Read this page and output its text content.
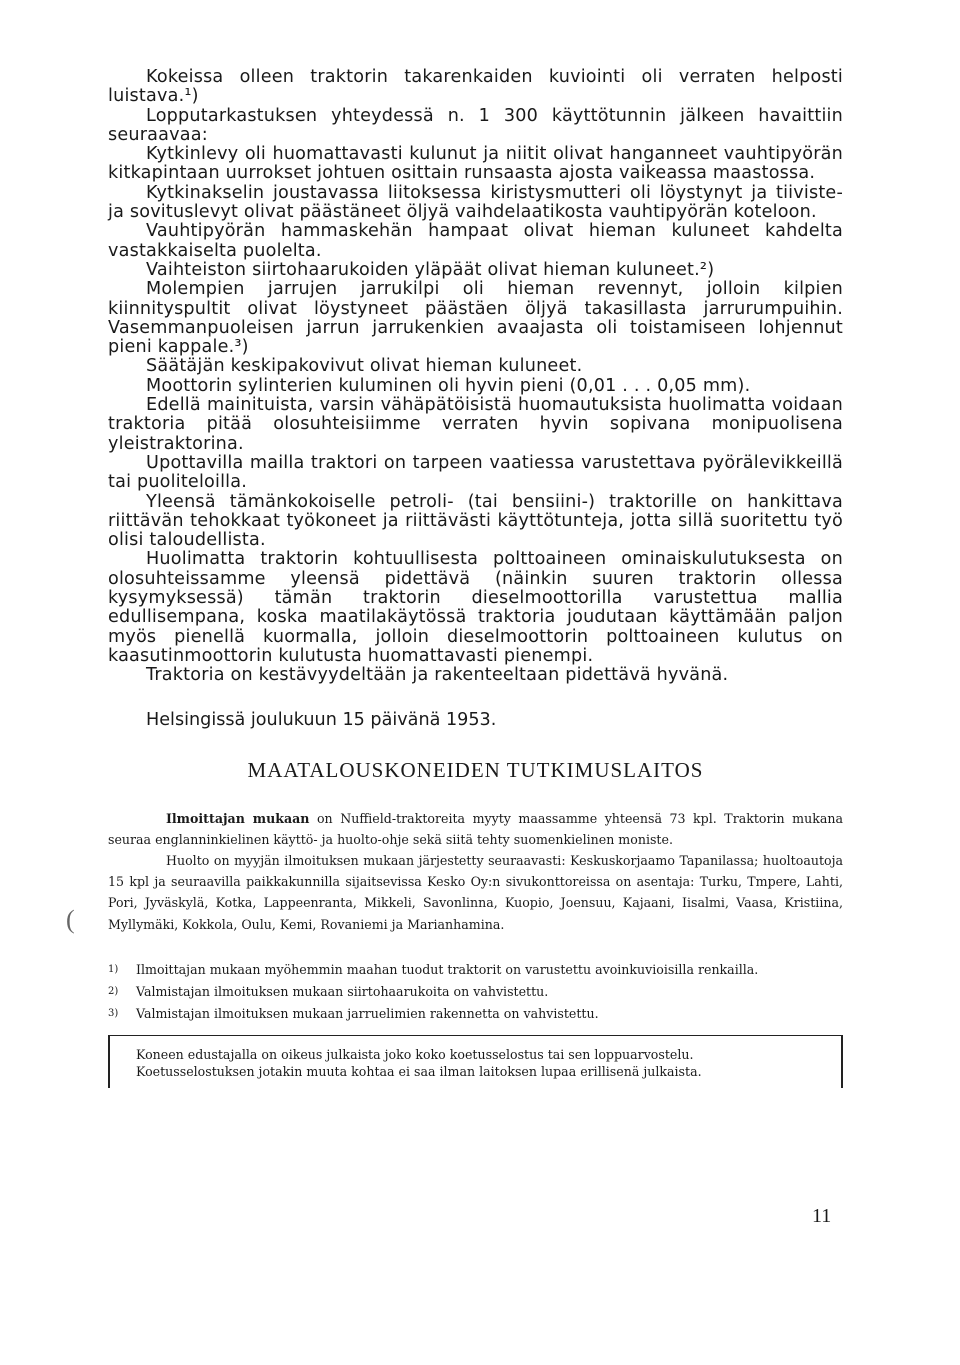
(

Kokeissa olleen traktorin takarenkaiden kuviointi oli verraten helposti luistava.¹)

Lopputarkastuksen yhteydessä n. 1 300 käyttötunnin jälkeen havaittiin seuraavaa:

Kytkinlevy oli huomattavasti kulunut ja niitit olivat hanganneet vauhtipyörän kitkapintaan uurrokset johtuen osittain runsaasta ajosta vaikeassa maastossa.

Kytkinakselin joustavassa liitoksessa kiristysmutteri oli löystynyt ja tiiviste- ja sovituslevyt olivat päästäneet öljyä vaihdelaatikosta vauhtipyörän koteloon.

Vauhtipyörän hammaskehän hampaat olivat hieman kuluneet kahdelta vastakkaiselta puolelta.

Vaihteiston siirtohaarukoiden yläpäät olivat hieman kuluneet.²)

Molempien jarrujen jarrukilpi oli hieman revennyt, jolloin kilpien kiinnityspultit olivat löystyneet päästäen öljyä takasillasta jarrurumpuihin. Vasemmanpuoleisen jarrun jarrukenkien avaajasta oli toistamiseen lohjennut pieni kappale.³)

Säätäjän keskipakovivut olivat hieman kuluneet.

Moottorin sylinterien kuluminen oli hyvin pieni (0,01 . . . 0,05 mm).

Edellä mainituista, varsin vähäpätöisistä huomautuksista huolimatta voidaan traktoria pitää olosuhteisiimme verraten hyvin sopivana monipuolisena yleistraktorina.

Upottavilla mailla traktori on tarpeen vaatiessa varustettava pyörälevikkeillä tai puoliteloilla.

Yleensä tämänkokoiselle petroli- (tai bensiini-) traktorille on hankittava riittävän tehokkaat työkoneet ja riittävästi käyttötunteja, jotta sillä suoritettu työ olisi taloudellista.

Huolimatta traktorin kohtuullisesta polttoaineen ominaiskulutuksesta on olosuhteissamme yleensä pidettävä (näinkin suuren traktorin ollessa kysymyksessä) tämän traktorin dieselmoottorilla varustettua mallia edullisempana, koska maatilakäytössä traktoria joudutaan käyttämään paljon myös pienellä kuormalla, jolloin dieselmoottorin polttoaineen kulutus on kaasutinmoottorin kulutusta huomattavasti pienempi.

Traktoria on kestävyydeltään ja rakenteeltaan pidettävä hyvänä.

Helsingissä joulukuun 15 päivänä 1953.

MAATALOUSKONEIDEN TUTKIMUSLAITOS

Ilmoittajan mukaan on Nuffield-traktoreita myyty maassamme yhteensä 73 kpl. Traktorin mukana seuraa englanninkielinen käyttö- ja huolto-ohje sekä siitä tehty suomenkielinen moniste.

Huolto on myyjän ilmoituksen mukaan järjestetty seuraavasti: Keskuskorjaamo Tapanilassa; huoltoautoja 15 kpl ja seuraavilla paikkakunnilla sijaitsevissa Kesko Oy:n sivukonttoreissa on asentaja: Turku, Tmpere, Lahti, Pori, Jyväskylä, Kotka, Lappeenranta, Mikkeli, Savonlinna, Kuopio, Joensuu, Kajaani, Iisalmi, Vaasa, Kristiina, Myllymäki, Kokkola, Oulu, Kemi, Rovaniemi ja Marianhamina.

1)	Ilmoittajan mukaan myöhemmin maahan tuodut traktorit on varustettu avoinkuvioisilla renkailla.
2)	Valmistajan ilmoituksen mukaan siirtohaarukoita on vahvistettu.
3)	Valmistajan ilmoituksen mukaan jarruelimien rakennetta on vahvistettu.
Koneen edustajalla on oikeus julkaista joko koko koetusselostus tai sen loppuarvostelu.
Koetusselostuksen jotakin muuta kohtaa ei saa ilman laitoksen lupaa erillisenä julkaista.
11
